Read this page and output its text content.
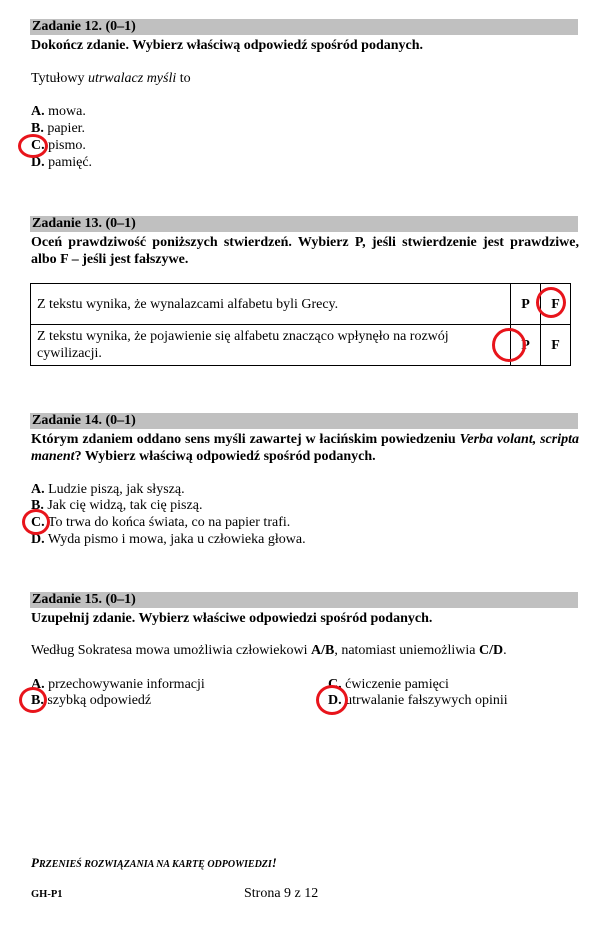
Zadanie 12. (0–1)
Dokończ zdanie. Wybierz właściwą odpowiedź spośród podanych.
Tytułowy utrwalacz myśli to
A. mowa.
B. papier.
C. pismo.
D. pamięć.
Zadanie 13. (0–1)
Oceń prawdziwość poniższych stwierdzeń. Wybierz P, jeśli stwierdzenie jest prawdziwe, albo F – jeśli jest fałszywe.
Z tekstu wynika, że wynalazcami alfabetu byli Grecy.	P	F
Z tekstu wynika, że pojawienie się alfabetu znacząco wpłynęło na rozwój cywilizacji.	P	F
Zadanie 14. (0–1)
Którym zdaniem oddano sens myśli zawartej w łacińskim powiedzeniu Verba volant, scripta manent? Wybierz właściwą odpowiedź spośród podanych.
A. Ludzie piszą, jak słyszą.
B. Jak cię widzą, tak cię piszą.
C. To trwa do końca świata, co na papier trafi.
D. Wyda pismo i mowa, jaka u człowieka głowa.
Zadanie 15. (0–1)
Uzupełnij zdanie. Wybierz właściwe odpowiedzi spośród podanych.
Według Sokratesa mowa umożliwia człowiekowi A/B, natomiast uniemożliwia C/D.
A. przechowywanie informacji
B. szybką odpowiedź
C. ćwiczenie pamięci
D. utrwalanie fałszywych opinii
PRZENIEŚ ROZWIĄZANIA NA KARTĘ ODPOWIEDZI!
GH-P1	Strona 9 z 12
